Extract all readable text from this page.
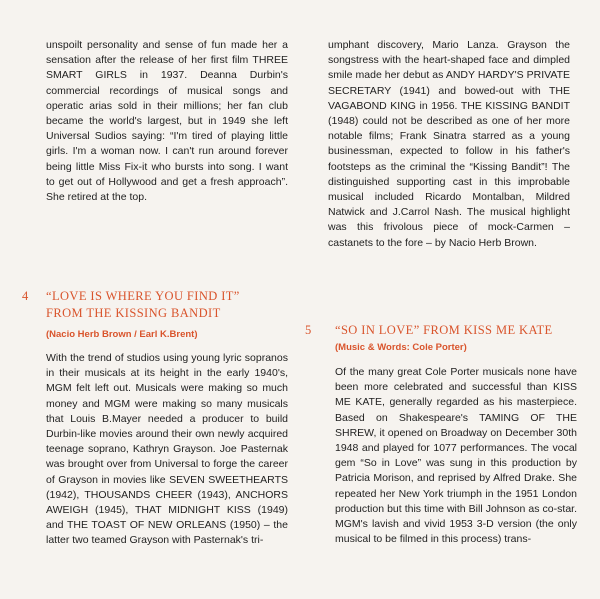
unspoilt personality and sense of fun made her a sensation after the release of her first film THREE SMART GIRLS in 1937. Deanna Durbin's commercial recordings of musical songs and operatic arias sold in their millions; her fan club became the world's largest, but in 1949 she left Universal Sudios saying: “I'm tired of playing little girls. I'm a woman now. I can't run around forever being little Miss Fix-it who bursts into song. I want to get out of Hollywood and get a fresh approach”. She retired at the top.

umphant discovery, Mario Lanza. Grayson the songstress with the heart-shaped face and dimpled smile made her debut as ANDY HARDY'S PRIVATE SECRETARY (1941) and bowed-out with THE VAGABOND KING in 1956. THE KISSING BANDIT (1948) could not be described as one of her more notable films; Frank Sinatra starred as a young businessman, expected to follow in his father's footsteps as the criminal the “Kissing Bandit”! The distinguished supporting cast in this improbable musical included Ricardo Montalban, Mildred Natwick and J.Carrol Nash. The musical highlight was this frivolous piece of mock-Carmen – castanets to the fore – by Nacio Herb Brown.

4 “LOVE IS WHERE YOU FIND IT”

FROM THE KISSING BANDIT

(Nacio Herb Brown / Earl K.Brent)

With the trend of studios using young lyric sopranos in their musicals at its height in the early 1940's, MGM felt left out. Musicals were making so much money and MGM were making so many musicals that Louis B.Mayer needed a producer to build Durbin-like movies around their own newly acquired teenage soprano, Kathryn Grayson. Joe Pasternak was brought over from Universal to forge the career of Grayson in movies like SEVEN SWEETHEARTS (1942), THOUSANDS CHEER (1943), ANCHORS AWEIGH (1945), THAT MIDNIGHT KISS (1949) and THE TOAST OF NEW ORLEANS (1950) – the latter two teamed Grayson with Pasternak's tri-

5 “SO IN LOVE” FROM KISS ME KATE

(Music & Words: Cole Porter)

Of the many great Cole Porter musicals none have been more celebrated and successful than KISS ME KATE, generally regarded as his masterpiece. Based on Shakespeare's TAMING OF THE SHREW, it opened on Broadway on December 30th 1948 and played for 1077 performances. The vocal gem “So in Love” was sung in this production by Patricia Morison, and reprised by Alfred Drake. She repeated her New York triumph in the 1951 London production but this time with Bill Johnson as co-star. MGM's lavish and vivid 1953 3-D version (the only musical to be filmed in this process) trans-
